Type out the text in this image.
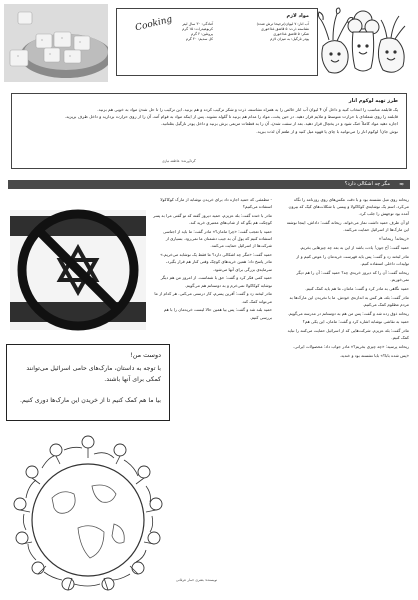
مواد لازم
آب انار: ۷ لیوان(ترجیحا ترش شده)
نشاسته ذرت: ۵ قاشق غذاخوری
شکر: ۵ قاشق غذاخوری
پودر نارگیل: به میزان لازم
آمادگی: ۳۰ سال لیتر
کربوهیدرات: ۱۵ گرم
پروتئین: ۲ گرم
کل سدیم: ۴۰ گرم
Cooking
طرز تهیه لوکوم انار

یک قابلمه مناسب را انتخاب کنید و داخل آن ۴ لیوان آب انار خالص را به همراه نشاسته، ذرت و شکر ترکیب کرده و هم بزنید. این ترکیب را تا حل شدن مواد به خوبی هم بزنید.

قابلمه را روی شعله‌ای با حرارت متوسط و ملایم قرار دهید. در حین پخت، مواد را مدام هم بزنید تا گلوله نشوند. پس از اینکه مواد به قوام آمد، آن را از روی حرارت بردارید و داخل ظرف بریزید.

اجازه دهید مواد کاملاً خنک شود و در یخچال قرار دهید. بعد از سفت شدن، آن را به قطعات مربعی برش بزنید و داخل پودر نارگیل بغلتانید.

نوش جان! لوکوم انار را می‌توانید با چای یا قهوه میل کنید و از طعم آن لذت ببرید.

گردآورنده: عاطفه نیازی
مگر چه اشکالی دارد؟ ≈
دوست من!
با توجه به داستان، مارک‌های حامی اسرائیل می‌توانند کمکی برای آنها باشند.
بیا ما هم کمک کنیم تا از خریدن این مارک‌ها دوری کنیم.

- مطمئنی که حمید اجازه داد برای خریدن نوشابه از مارک کوکاکولا استفاده می‌کنیم؟

مادر با خنده گفت: بله عزیزم، حمید دیروز گفته که تو گفتی مرا به پسر کوچکت هم بگو که از شاپ‌های معتبری خرید کند.

حمید با تعجب گفت: «چرا مامان؟» مادر گفت: ما باید از اجناسی استفاده کنیم که پول آن به جیب دشمنان ما نمی‌رود. بسیاری از شرکت‌ها از اسرائیل حمایت می‌کنند.

حمید گفت: «مگر چه اشکالی دارد؟ ما فقط یک نوشابه می‌خریم.» مادر پاسخ داد: همین خریدهای کوچک وقتی کنار هم قرار بگیرد، سرمایه‌ی بزرگی برای آنها می‌شود.

حمید کمی فکر کرد و گفت: حق با شماست. از امروز من هم دیگر نوشابه کوکاکولا نمی‌خرم و به دوستانم هم می‌گویم.

مادر لبخند زد و گفت: آفرین پسرم، کار درستی می‌کنی. هر کدام از ما می‌تواند کمک کند.

حمید بلند شد و گفت: پس بیا همین حالا لیست خریدمان را با هم بررسی کنیم.

نویسنده: بشری خمار عرفانی

ریحانه روی مبل نشسته بود و با دقت عکس‌های روی روزنامه را نگاه می‌کرد. اسم یک نوشابه‌ی کوکاکولا و پپسی با شکلات‌های کیک که بیرون آمده بود توجهش را جلب کرد.

او آن طرف حمید داشت نماز می‌خواند. ریحانه گفت: داداش، اینجا نوشته این مارک‌ها از اسرائیل حمایت می‌کنند.

«ریحانه! ریحانه!»

حمید گفت: آخ جون! یادت باشد از این به بعد چه چیزهایی بخریم.

مادر لبخند زد و گفت: پس باید فهرست خریدمان را عوض کنیم و از تولیدات داخلی استفاده کنیم.

ریحانه گفت: آن را که دیروز خریدی چه؟ حمید گفت: آن را هم دیگر نمی‌خوریم.

حمید نگاهی به مادر کرد و گفت: مامان، ما هم باید کمک کنیم.

مادر گفت: بله، هر کس به اندازه‌ی خودش. ما با نخریدن این مارک‌ها به مردم مظلوم کمک می‌کنیم.

ریحانه ذوق زده شد و گفت: پس من هم به دوستانم در مدرسه می‌گویم.

حمید به نقاشی نوشابه اشاره کرد و گفت: مامان، این یکی هم؟

مادر گفت: بله عزیزم. شرکت‌هایی که از اسرائیل حمایت می‌کنند را نباید کمک کنیم.

ریحانه پرسید: «چه چیزی بخریم؟» مادر جواب داد: محصولات ایرانی.

«پس شده بابا؟» بابا نشسته بود و خندید.
